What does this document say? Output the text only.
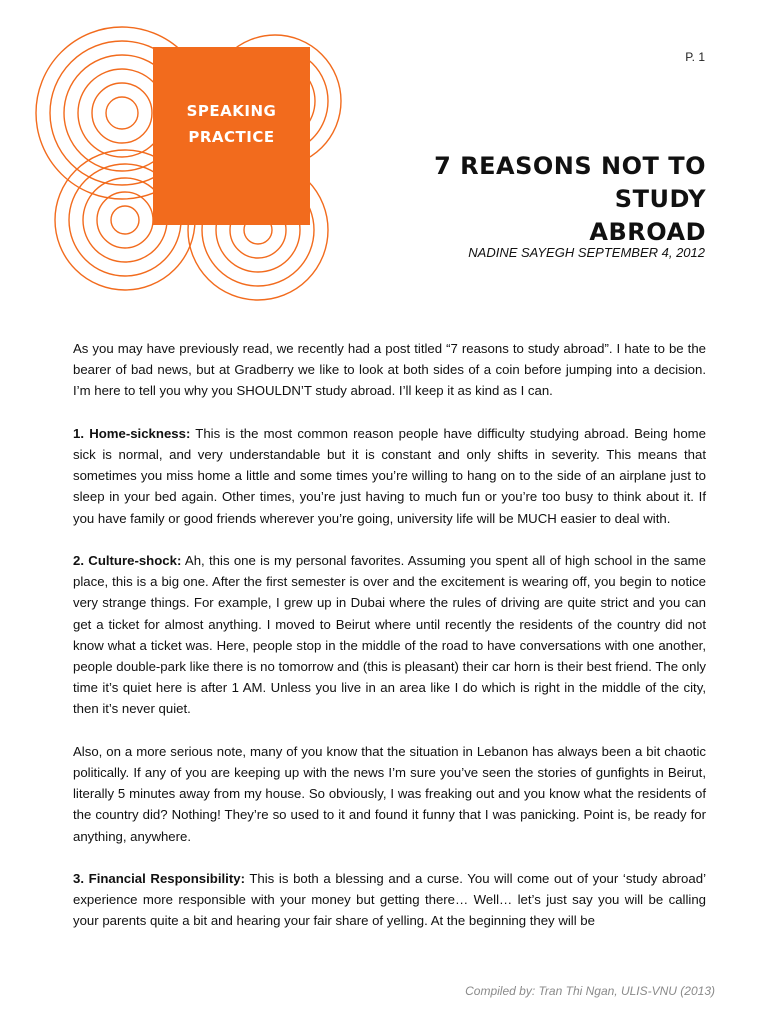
P. 1
SPEAKING
PRACTICE
7 REASONS NOT TO STUDY
ABROAD
NADINE SAYEGH SEPTEMBER 4, 2012

As you may have previously read, we recently had a post titled “7 reasons to study abroad”. I hate to be the bearer of bad news, but at Gradberry we like to look at both sides of a coin before jumping into a decision. I’m here to tell you why you SHOULDN’T study abroad. I’ll keep it as kind as I can.

1. Home-sickness: This is the most common reason people have difficulty studying abroad. Being home sick is normal, and very understandable but it is constant and only shifts in severity. This means that sometimes you miss home a little and some times you’re willing to hang on to the side of an airplane just to sleep in your bed again. Other times, you’re just having to much fun or you’re too busy to think about it. If you have family or good friends wherever you’re going, university life will be MUCH easier to deal with.

2. Culture-shock: Ah, this one is my personal favorites. Assuming you spent all of high school in the same place, this is a big one. After the first semester is over and the excitement is wearing off, you begin to notice very strange things. For example, I grew up in Dubai where the rules of driving are quite strict and you can get a ticket for almost anything. I moved to Beirut where until recently the residents of the country did not know what a ticket was. Here, people stop in the middle of the road to have conversations with one another, people double-park like there is no tomorrow and (this is pleasant) their car horn is their best friend. The only time it’s quiet here is after 1 AM. Unless you live in an area like I do which is right in the middle of the city, then it’s never quiet.

Also, on a more serious note, many of you know that the situation in Lebanon has always been a bit chaotic politically. If any of you are keeping up with the news I’m sure you’ve seen the stories of gunfights in Beirut, literally 5 minutes away from my house. So obviously, I was freaking out and you know what the residents of the country did? Nothing! They’re so used to it and found it funny that I was panicking. Point is, be ready for anything, anywhere.

3. Financial Responsibility: This is both a blessing and a curse. You will come out of your ‘study abroad’ experience more responsible with your money but getting there… Well… let’s just say you will be calling your parents quite a bit and hearing your fair share of yelling. At the beginning they will be

Compiled by: Tran Thi Ngan, ULIS-VNU (2013)
